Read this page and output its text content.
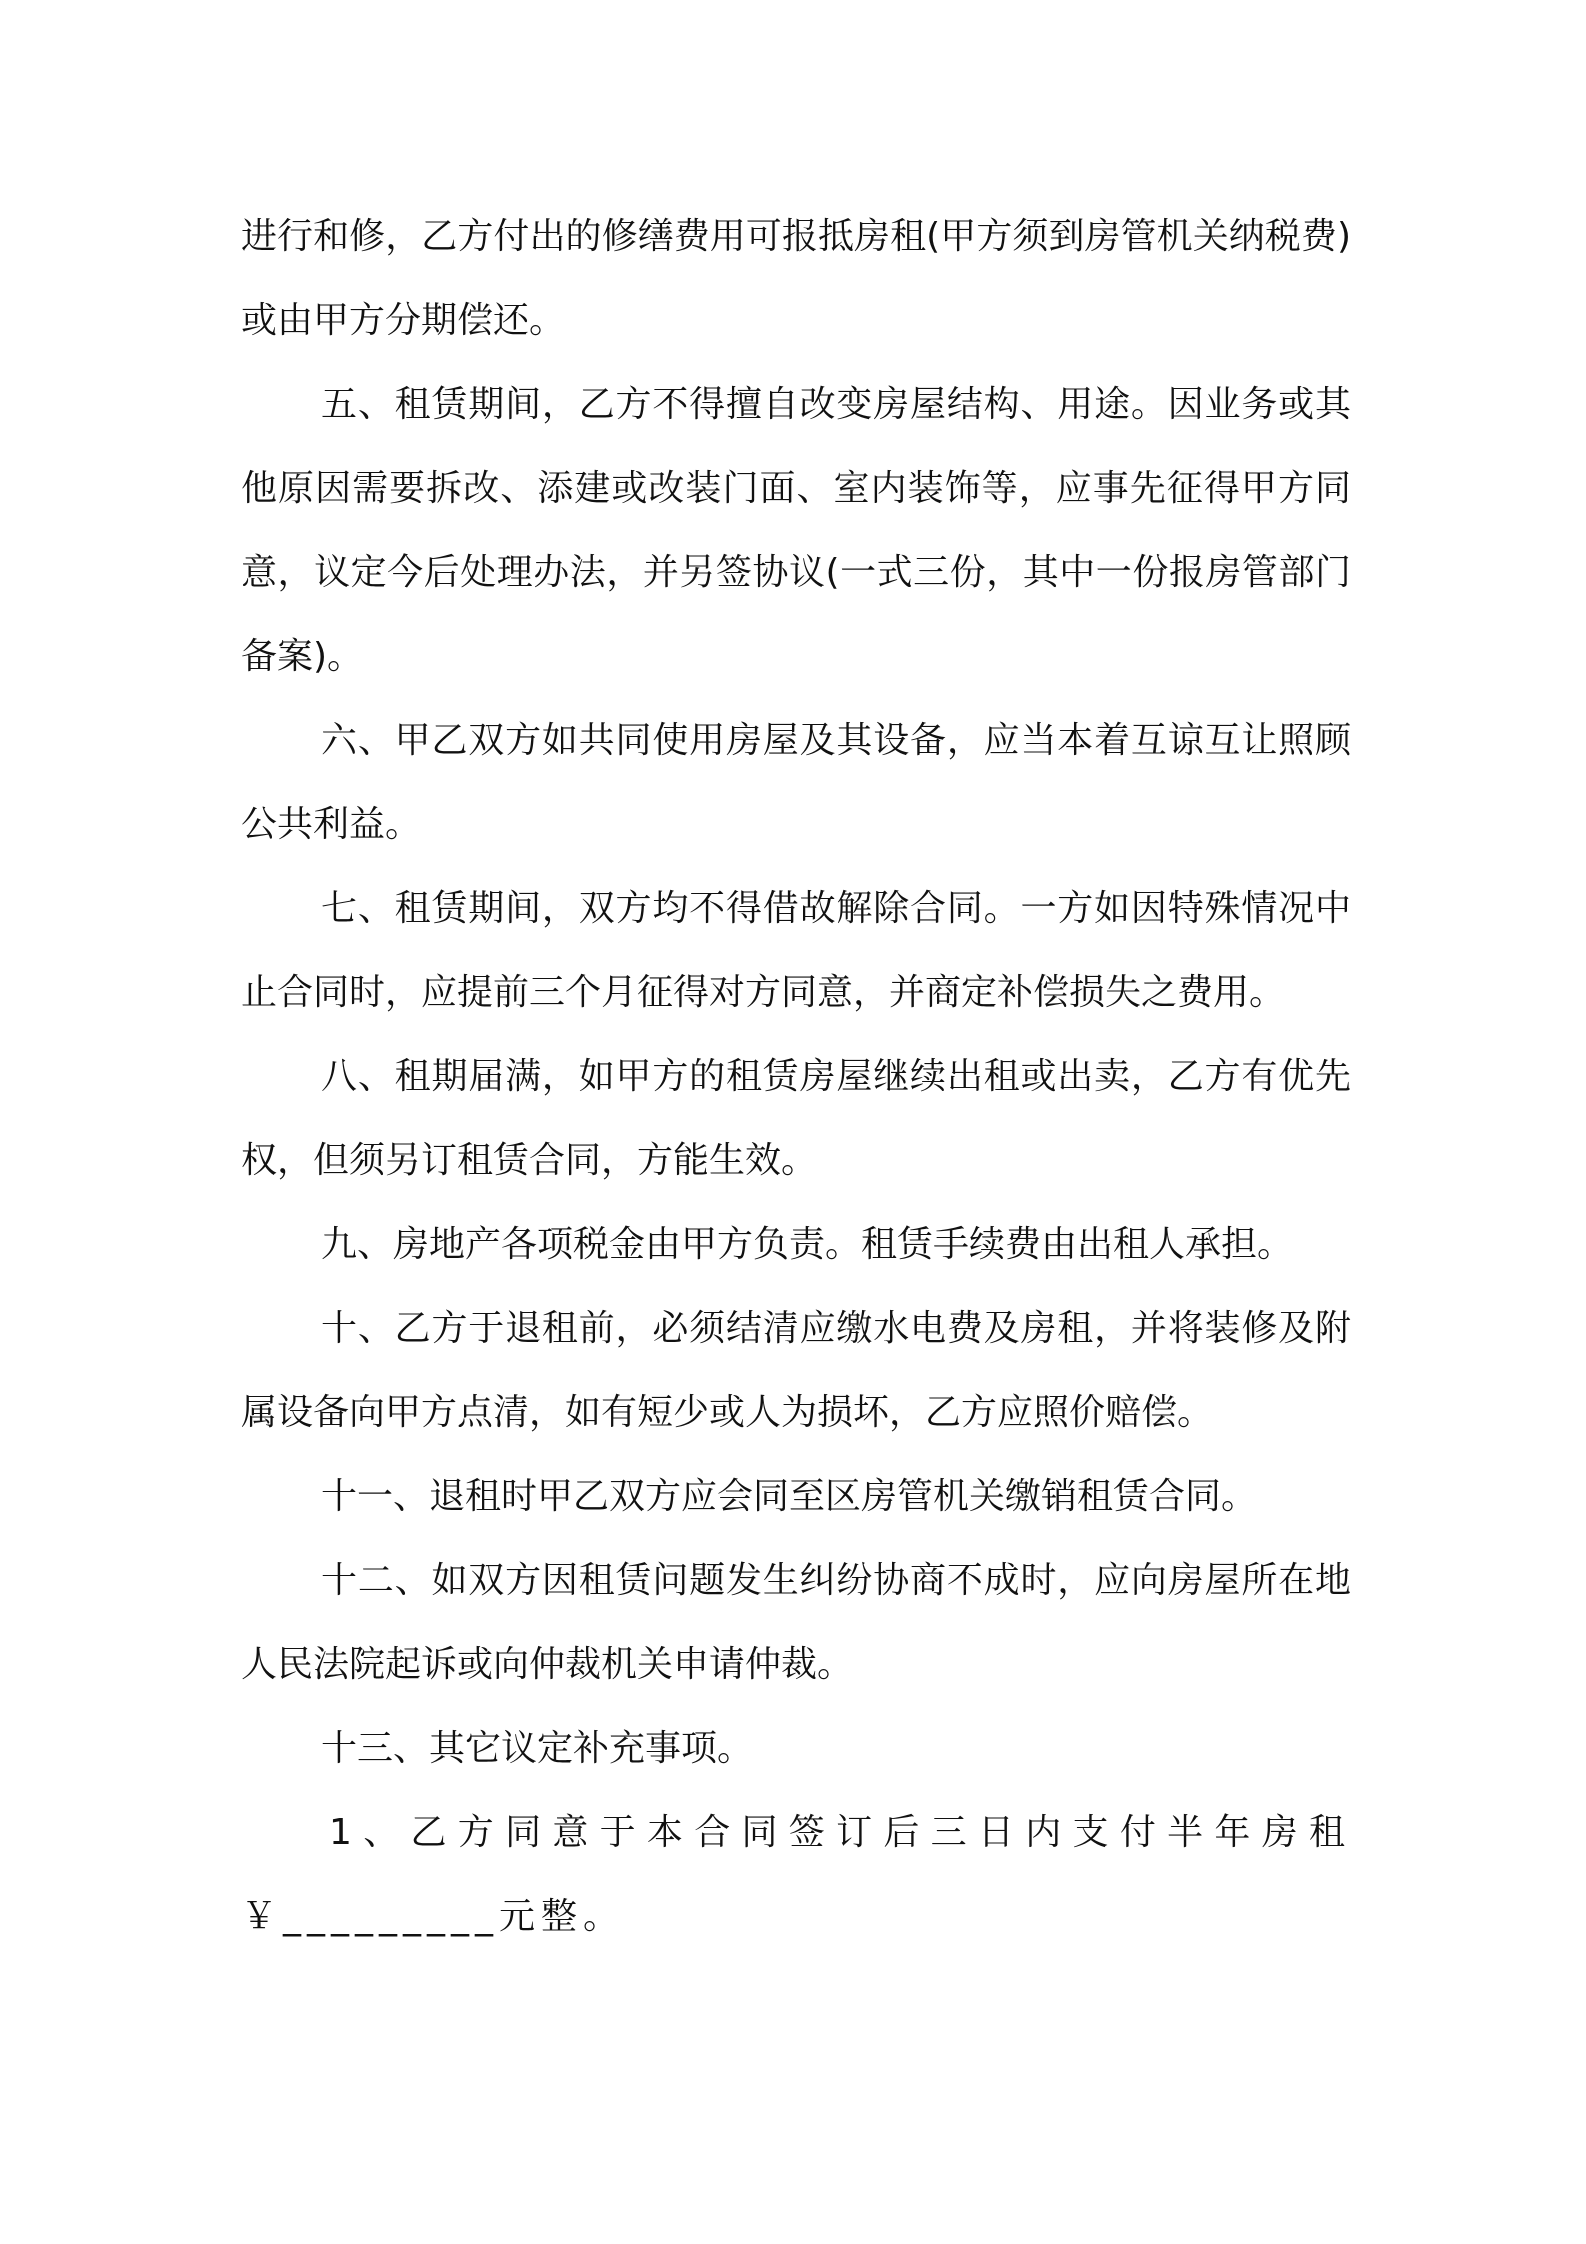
进行和修，乙方付出的修缮费用可报抵房租(甲方须到房管机关纳税费)或由甲方分期偿还。

五、租赁期间，乙方不得擅自改变房屋结构、用途。因业务或其他原因需要拆改、添建或改装门面、室内装饰等，应事先征得甲方同意，议定今后处理办法，并另签协议(一式三份，其中一份报房管部门备案)。

六、甲乙双方如共同使用房屋及其设备，应当本着互谅互让照顾公共利益。

七、租赁期间，双方均不得借故解除合同。一方如因特殊情况中止合同时，应提前三个月征得对方同意，并商定补偿损失之费用。

八、租期届满，如甲方的租赁房屋继续出租或出卖，乙方有优先权，但须另订租赁合同，方能生效。

九、房地产各项税金由甲方负责。租赁手续费由出租人承担。

十、乙方于退租前，必须结清应缴水电费及房租，并将装修及附属设备向甲方点清，如有短少或人为损坏，乙方应照价赔偿。

十一、退租时甲乙双方应会同至区房管机关缴销租赁合同。

十二、如双方因租赁问题发生纠纷协商不成时，应向房屋所在地人民法院起诉或向仲裁机关申请仲裁。

十三、其它议定补充事项。

1、乙方同意于本合同签订后三日内支付半年房租￥_________元整。
